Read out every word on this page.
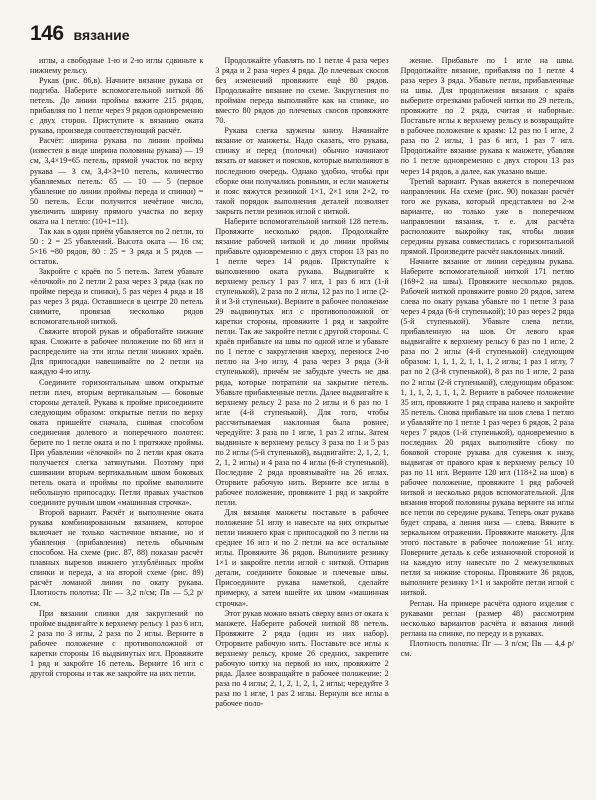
146 вязание

иглы, а свободные 1-ю и 2-ю иглы сдвиньте к нижнему рельсу.

Рукав (рис. 86,в). Начните вязание рукава от подгиба. Наберите вспомогательной ниткой 86 петель. До линии проймы вяжите 215 рядов, прибавляя по 1 петле через 9 рядов одновременно с двух сторон. Приступите к вязанию оката рукава, произведя соответствующий расчёт.

Расчёт: ширина рукава по линии проймы (известен в виде ширина половины рукава) — 19 см, 3,4×19=65 петель, прямой участок по верху рукава — 3 см, 3,4×3=10 петель, количество убавляемых петель: 65 — 10 — 5 (первое убавление по линии проймы переда и спинки) = 50 петель. Если получится нечётное число, увеличить ширину прямого участка по верху оката на 1 петлю: (10+1=11).

Так как в один приём убавляется по 2 петли, то 50 : 2 = 25 убавлений. Высота оката — 16 см; 5×16 =80 рядов, 80 : 25 = 3 ряда и 5 рядов — остаток.

Закройте с краёв по 5 петель. Затем убавьте «ёлочкой» по 2 петли 2 раза через 3 ряда (как по пройме переда и спинки), 5 раз через 4 ряда и 18 раз через 3 ряда. Оставшиеся в центре 20 петель снимите, провязав несколько рядов вспомогательной ниткой.

Свяжите второй рукав и обработайте нижние края. Сложите в рабочее положение по 68 игл и распределите на эти иглы петли нижних краёв. Для припосадки навешивайте по 2 петли на каждую 4-ю иглу.

Соедините горизонтальным швом открытые петли плеч, вторым вертикальным — боковые стороны деталей. Рукава к пройме присоедините следующим образом: открытые петли по верху оката пришейте сначала, сшивая способом соединения долевого и поперечного полотен: берите по 1 петле оката и по 1 протяжке проймы. При убавлении «ёлочкой» по 2 петли края оката получается слегка затянутыми. Поэтому при сшивании вторым вертикальным швом боковых петель оката и проймы по пройме выполните небольшую припосадку. Петли правых участков соедините ручным швом «машинная строчка».

Второй вариант. Расчёт и выполнение оката рукава комбинированным вязанием, которое включает не только частичное вязание, но и убавления (прибавления) петель обычным способом. На схеме (рис. 87, 88) показан расчёт плавных вырезов нижнего углублённых пройм спинки и переда, а на второй схеме (рис. 89) расчёт ломаной линии по окату рукава. Плотность полотна: Пг — 3,2 п/см; Пв — 5,2 р/см.

При вязании спинки для закруглений по пройме выдвигайте к верхнему рельсу 1 раз 6 игл, 2 раза по 3 иглы, 2 раза по 2 иглы. Верните в рабочее положение с противоположной от каретки стороны 16 выдвинутых игл. Провяжите 1 ряд и закройте 16 петель. Верните 16 игл с другой стороны и так же закройте на них петли.

Продолжайте убавлять по 1 петле 4 раза через 3 ряда и 2 раза через 4 ряда. До плечевых скосов без изменений провяжите ещё 80 рядов. Продолжайте вязание по схеме. Закругления по проймам переда выполняйте как на спинке, но вместо 80 рядов до плечевых скосов провяжите 70.

Рукава слегка заужены книзу. Начинайте вязание от манжеты. Надо сказать, что рукава, спинку и перед (полочки) обычно начинают вязать от манжет и поясков, которые выполняют в последнюю очередь. Однако удобно, чтобы при сборке они получались ровными, и если манжеты и пояс вяжутся резинкой 1×1, 2×1 или 2×2, то такой порядок выполнения деталей позволяет закрыть петли резинок иглой с ниткой.

Наберите вспомогательной ниткой 128 петель. Провяжите несколько рядов. Продолжайте вязание рабочей ниткой и до линии проймы прибавьте одновременно с двух сторон 13 раз по 1 петле через 14 рядов. Приступайте к выполнению оката рукава. Выдвигайте к верхнему рельсу 1 раз 7 игл, 1 раз 6 игл (1-й ступенькой), 2 раза по 2 иглы, 12 раз по 1 игле (2-й и 3-й ступеньки). Верните в рабочее положение 29 выдвинутых игл с противоположной от каретки стороны, провяжите 1 ряд и закройте петли. Так же закройте петли с другой стороны. С краёв прибавьте на швы по одной игле и убавьте по 1 петле с закругления кверху, перенося 2-ю петлю на 3-ю иглу, 4 раза через 3 ряда (3-й ступенькой), причём не забудьте учесть не два ряда, которые потратили на закрытие петель. Убавьте прибавленные петли. Далее выдвигайте к верхнему рельсу 2 раза по 2 иглы и 6 раз по 1 игле (4-й ступенькой). Для того, чтобы рассчитываемая наклонная была ровнее, чередуйте: 3 раза по 1 игле, 1 раз 2 иглы. Затем выдвиньте к верхнему рельсу 3 раза по 1 и 5 раз по 2 иглы (5-й ступенькой), выдвигайте: 2, 1, 2, 1, 2, 1, 2 иглы) и 4 раза по 4 иглы (6-й ступенькой). Последние 2 ряда провязывайте на 26 иглах. Оторвите рабочую нить. Верните все иглы в рабочее положение, провяжите 1 ряд и закройте петли.

Для вязания манжеты поставьте в рабочее положение 51 иглу и навесьте на них открытые петли нижнего края с припосадкой по 3 петли на среднее 16 игл и по 2 петли на все остальные иглы. Провяжите 36 рядов. Выполните резинку 1×1 и закройте петли иглой с ниткой. Отпарив детали, соедините боковые и плечевые швы. Присоедините рукава наметкой, сделайте примерку, а затем вшейте их швом «машинная строчка».

Этот рукав можно вязать сверху вниз от оката к манжете. Наберите рабочей ниткой 88 петель. Провяжите 2 ряда (один из них набор). Отрорвите рабочую нить. Поставьте все иглы к верхнему рельсу, кроме 26 средних, закрепите рабочую нитку на первой из них, провяжите 2 ряда. Далее возвращайте в рабочее положение: 2 раза по 4 иглы; 2, 1, 2, 1, 2, 1, 2 иглы; чередуйте 3 раза по 1 игле, 1 раз 2 иглы. Вернули все иглы в рабочее поло-

жение. Прибавьте по 1 игле на швы. Продолжайте вязание, прибавляя по 1 петле 4 раза через 3 ряда. Убавьте петли, прибавленные на швы. Для продолжения вязания с краёв выберите отрезками рабочей нитки по 29 петель, провяжите по 2 ряда, считая и наборные. Поставьте иглы к верхнему рельсу и возвращайте в рабочее положение к краям: 12 раз по 1 игле, 2 раза по 2 иглы, 1 раз 6 игл, 1 раз 7 игл. Продолжайте вязание рукава к манжете, убавляя по 1 петле одновременно с двух сторон 13 раз через 14 рядов, а далее, как указано выше.

Третий вариант. Рукав вяжется в поперечном направлении. На схеме (рис. 90) показан расчёт того же рукава, который представлен во 2-м варианте, но только уже в поперечном направлении вязания, т. е. для расчёта расположите выкройку так, чтобы линия середины рукава совместилась с горизонтальной прямой. Произведите расчёт наклонных линий.

Начните вязание от линии середины рукава. Наберите вспомогательной ниткой 171 петлю (169+2 на швы). Провяжите несколько рядов. Рабочей ниткой провяжите ровно 20 рядов, затем слева по окату рукава убавьте по 1 петле 3 раза через 4 ряда (6-й ступенькой); 10 раз через 2 ряда (5-й ступенькой). Убавьте слева петли, прибавленную на шов. От левого края выдвигайте к верхнему рельсу 6 раз по 1 игле, 2 раза по 2 иглы (4-й ступенькой) следующим образом: 1, 1, 1, 2, 1, 1, 1, 2 иглы; 1 раз 1 иглу, 7 раз по 2 (3-й ступенькой), 8 раз по 1 игле, 2 раза по 2 иглы (2-й ступенькой), следующим образом: 1, 1, 1, 2, 1, 1, 1, 2. Верните в рабочее положение 35 игл, провяжите 1 ряд справа налево и закройте 35 петель. Снова прибавьте на шов слева 1 петлю и убавляйте по 1 петле 1 раз через 6 рядов, 2 раза через 7 рядов (1-й ступенькой), одновременно в последних 20 рядах выполняйте сбоку по боковой стороне рукава для сужения к низу, выдвигая от правого края к верхнему рельсу 10 раз по 11 игл. Верните 120 игл (118+2 на шов) в рабочее положение, провяжите 1 ряд рабочей ниткой и несколько рядов вспомогательной. Для вязания второй половины рукава верните на иглы все петли по середине рукава. Теперь окат рукава будет справа, а линия низа — слева. Вяжите в зеркальном отражении. Провяжите манжету. Для этого поставьте в рабочее положение 51 иглу. Поверните деталь к себе изнаночной стороной и на каждую иглу навесьте по 2 межузелковых петли за нижние стороны. Провяжите 36 рядов, выполните резинку 1×1 и закройте петли иглой с ниткой.

Реглан. На примере расчёта одного изделия с рукавами реглан (размер 48) рассмотрим несколько вариантов расчёта и вязания линий реглана на спинке, по переду и в рукавах.

Плотность полотна: Пг — 3 п/см; Пв — 4,4 р/см.
